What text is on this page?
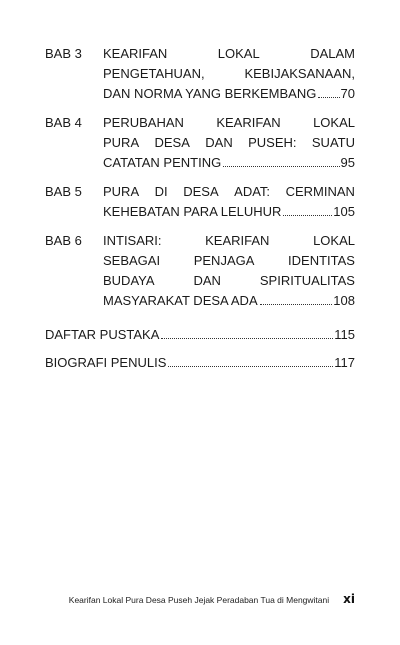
BAB 3	KEARIFAN	LOKAL	DALAM
PENGETAHUAN,	KEBIJAKSANAAN,
DAN NORMA YANG BERKEMBANG 70
BAB 4	PERUBAHAN KEARIFAN LOKAL
PURA DESA DAN PUSEH: SUATU
CATATAN PENTING	95
BAB 5	PURA DI DESA ADAT: CERMINAN
KEHEBATAN PARA LELUHUR	105
BAB 6	INTISARI:	KEARIFAN	LOKAL
SEBAGAI	PENJAGA	IDENTITAS
BUDAYA	DAN	SPIRITUALITAS
MASYARAKAT DESA ADA	108
DAFTAR PUSTAKA	115
BIOGRAFI PENULIS	117
Kearifan Lokal Pura Desa Puseh Jejak Peradaban Tua di Mengwitani xi
